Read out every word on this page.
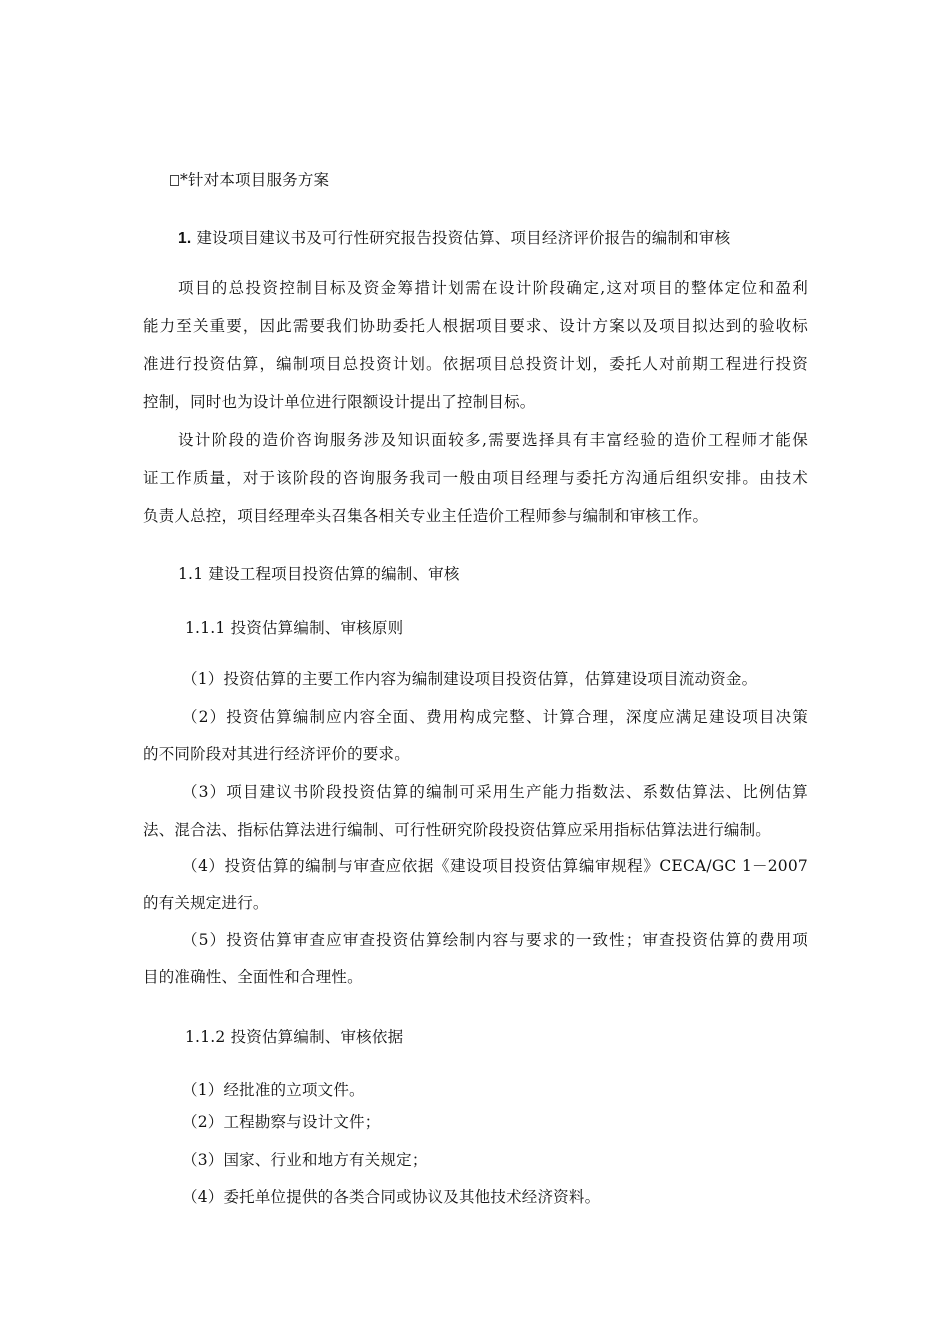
*针对本项目服务方案
1. 建设项目建议书及可行性研究报告投资估算、项目经济评价报告的编制和审核
项目的总投资控制目标及资金筹措计划需在设计阶段确定,这对项目的整体定位和盈利
能力至关重要，因此需要我们协助委托人根据项目要求、设计方案以及项目拟达到的验收标
准进行投资估算，编制项目总投资计划。依据项目总投资计划，委托人对前期工程进行投资
控制，同时也为设计单位进行限额设计提出了控制目标。
设计阶段的造价咨询服务涉及知识面较多,需要选择具有丰富经验的造价工程师才能保
证工作质量，对于该阶段的咨询服务我司一般由项目经理与委托方沟通后组织安排。由技术
负责人总控，项目经理牵头召集各相关专业主任造价工程师参与编制和审核工作。
1.1 建设工程项目投资估算的编制、审核
1.1.1 投资估算编制、审核原则
（1）投资估算的主要工作内容为编制建设项目投资估算，估算建设项目流动资金。
（2）投资估算编制应内容全面、费用构成完整、计算合理，深度应满足建设项目决策
的不同阶段对其进行经济评价的要求。
（3）项目建议书阶段投资估算的编制可采用生产能力指数法、系数估算法、比例估算
法、混合法、指标估算法进行编制、可行性研究阶段投资估算应采用指标估算法进行编制。
（4）投资估算的编制与审查应依据《建设项目投资估算编审规程》CECA/GC 1－2007
的有关规定进行。
（5）投资估算审查应审查投资估算绘制内容与要求的一致性；审查投资估算的费用项
目的准确性、全面性和合理性。
1.1.2 投资估算编制、审核依据
（1）经批准的立项文件。
（2）工程勘察与设计文件；
（3）国家、行业和地方有关规定；
（4）委托单位提供的各类合同或协议及其他技术经济资料。
